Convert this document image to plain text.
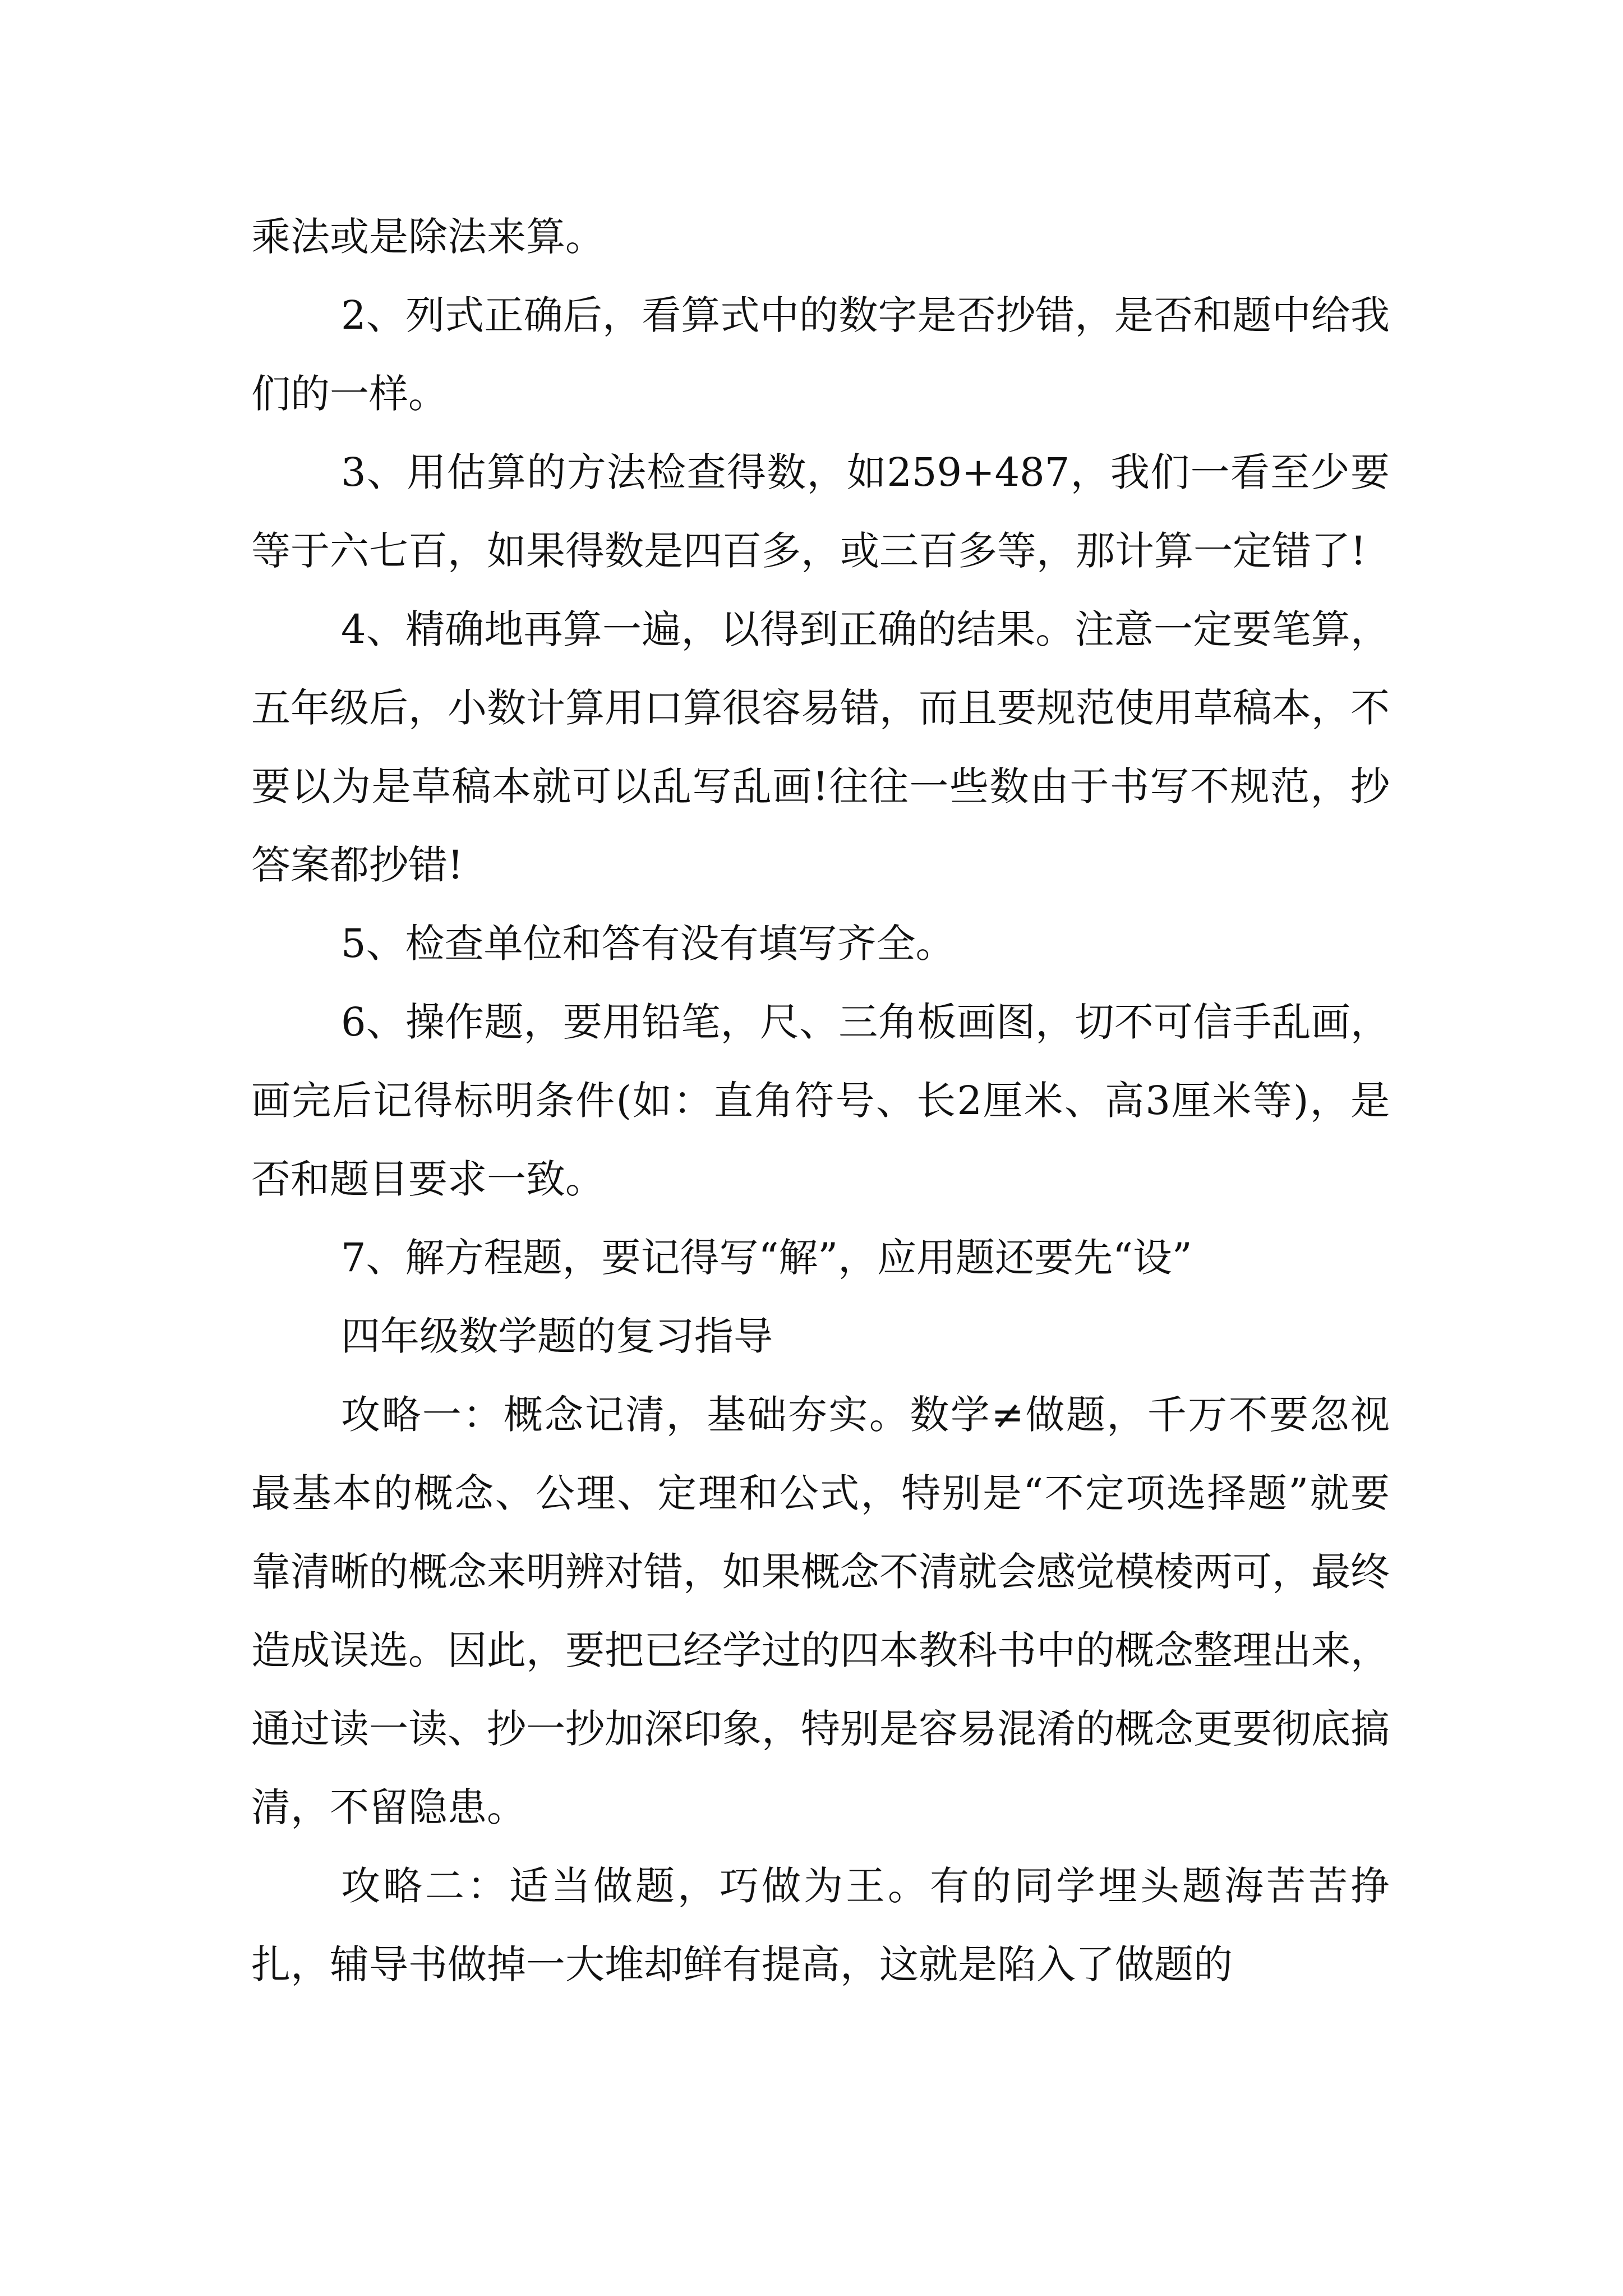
乘法或是除法来算。

2、列式正确后，看算式中的数字是否抄错，是否和题中给我们的一样。

3、用估算的方法检查得数，如259+487，我们一看至少要等于六七百，如果得数是四百多，或三百多等，那计算一定错了!

4、精确地再算一遍，以得到正确的结果。注意一定要笔算，五年级后，小数计算用口算很容易错，而且要规范使用草稿本，不要以为是草稿本就可以乱写乱画!往往一些数由于书写不规范，抄答案都抄错!

5、检查单位和答有没有填写齐全。

6、操作题，要用铅笔，尺、三角板画图，切不可信手乱画，画完后记得标明条件(如：直角符号、长2厘米、高3厘米等)，是否和题目要求一致。

7、解方程题，要记得写“解”，应用题还要先“设”

四年级数学题的复习指导

攻略一：概念记清，基础夯实。数学≠做题，千万不要忽视最基本的概念、公理、定理和公式，特别是“不定项选择题”就要靠清晰的概念来明辨对错，如果概念不清就会感觉模棱两可，最终造成误选。因此，要把已经学过的四本教科书中的概念整理出来，通过读一读、抄一抄加深印象，特别是容易混淆的概念更要彻底搞清，不留隐患。

攻略二：适当做题，巧做为王。有的同学埋头题海苦苦挣扎，辅导书做掉一大堆却鲜有提高，这就是陷入了做题的
